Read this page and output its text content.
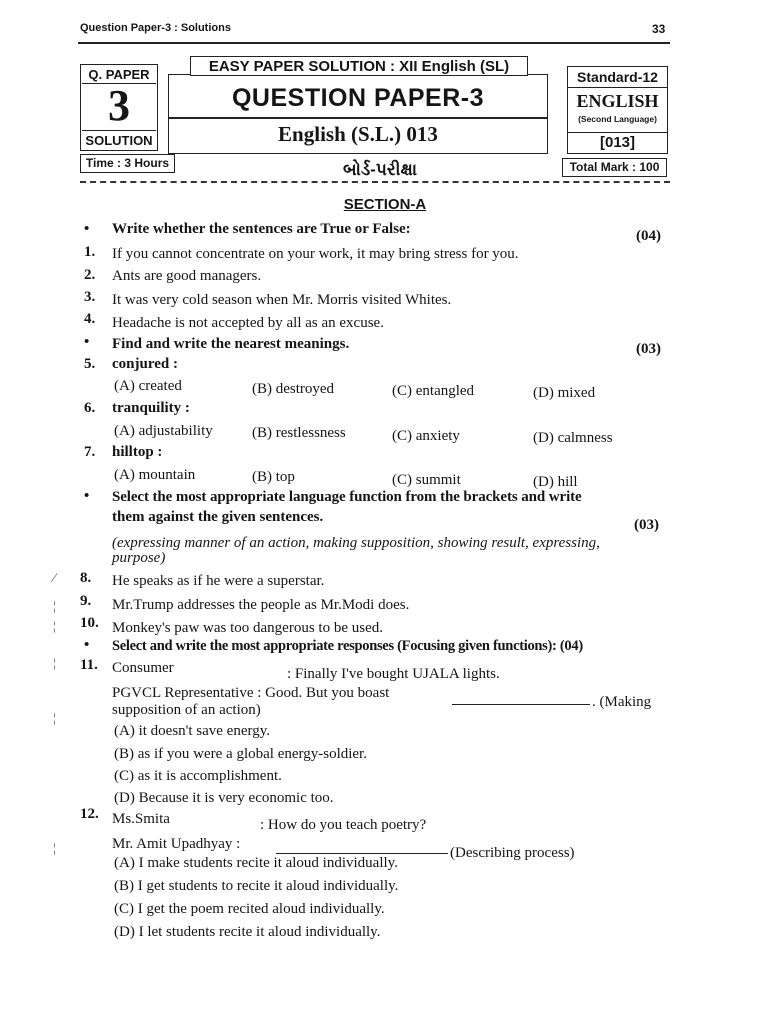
Question Paper-3 : Solutions	33
Q. PAPER
3
SOLUTION
EASY PAPER SOLUTION : XII English (SL)
QUESTION PAPER-3
English (S.L.) 013
Standard-12
ENGLISH
(Second Language)
[013]
Time : 3 Hours	બોર્ડ-પરીક્ષા	Total Mark : 100
SECTION-A
• Write whether the sentences are True or False:	(04)
1. If you cannot concentrate on your work, it may bring stress for you.
2. Ants are good managers.
3. It was very cold season when Mr. Morris visited Whites.
4. Headache is not accepted by all as an excuse.
• Find and write the nearest meanings.	(03)
5. conjured :
(A) created	(B) destroyed	(C) entangled	(D) mixed
6. tranquility :
(A) adjustability	(B) restlessness	(C) anxiety	(D) calmness
7. hilltop :
(A) mountain	(B) top	(C) summit	(D) hill
• Select the most appropriate language function from the brackets and write
them against the given sentences.	(03)
(expressing manner of an action, making supposition, showing result, expressing,
purpose)
8. He speaks as if he were a superstar.
9. Mr.Trump addresses the people as Mr.Modi does.
10. Monkey's paw was too dangerous to be used.
• Select and write the most appropriate responses (Focusing given functions): (04)
11. Consumer	: Finally I've bought UJALA lights.
PGVCL Representative : Good. But you boast
. (Making
supposition of an action)
(A) it doesn't save energy.
(B) as if you were a global energy-soldier.
(C) as it is accomplishment.
(D) Because it is very economic too.
12. Ms.Smita	: How do you teach poetry?
Mr. Amit Upadhyay :
(Describing process)
(A) I make students recite it aloud individually.
(B) I get students to recite it aloud individually.
(C) I get the poem recited aloud individually.
(D) I let students recite it aloud individually.
⁄
¦
¦
¦
¦
¦
